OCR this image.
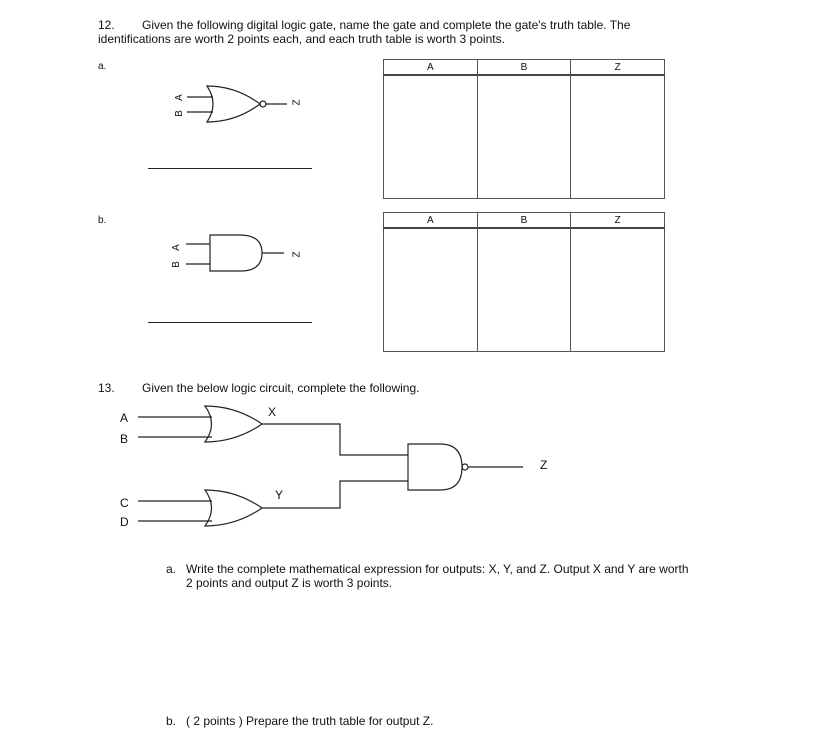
12. Given the following digital logic gate, name the gate and complete the gate's truth table. The
identifications are worth 2 points each, and each truth table is worth 3 points.
a.
A
B
Z
A	B	Z

b.
A
B
Z
A	B	Z

13. Given the below logic circuit, complete the following.
A
B
C
D
X
Y
Z
a. Write the complete mathematical expression for outputs: X, Y, and Z. Output X and Y are worth
2 points and output Z is worth 3 points.
b. ( 2 points ) Prepare the truth table for output Z.
